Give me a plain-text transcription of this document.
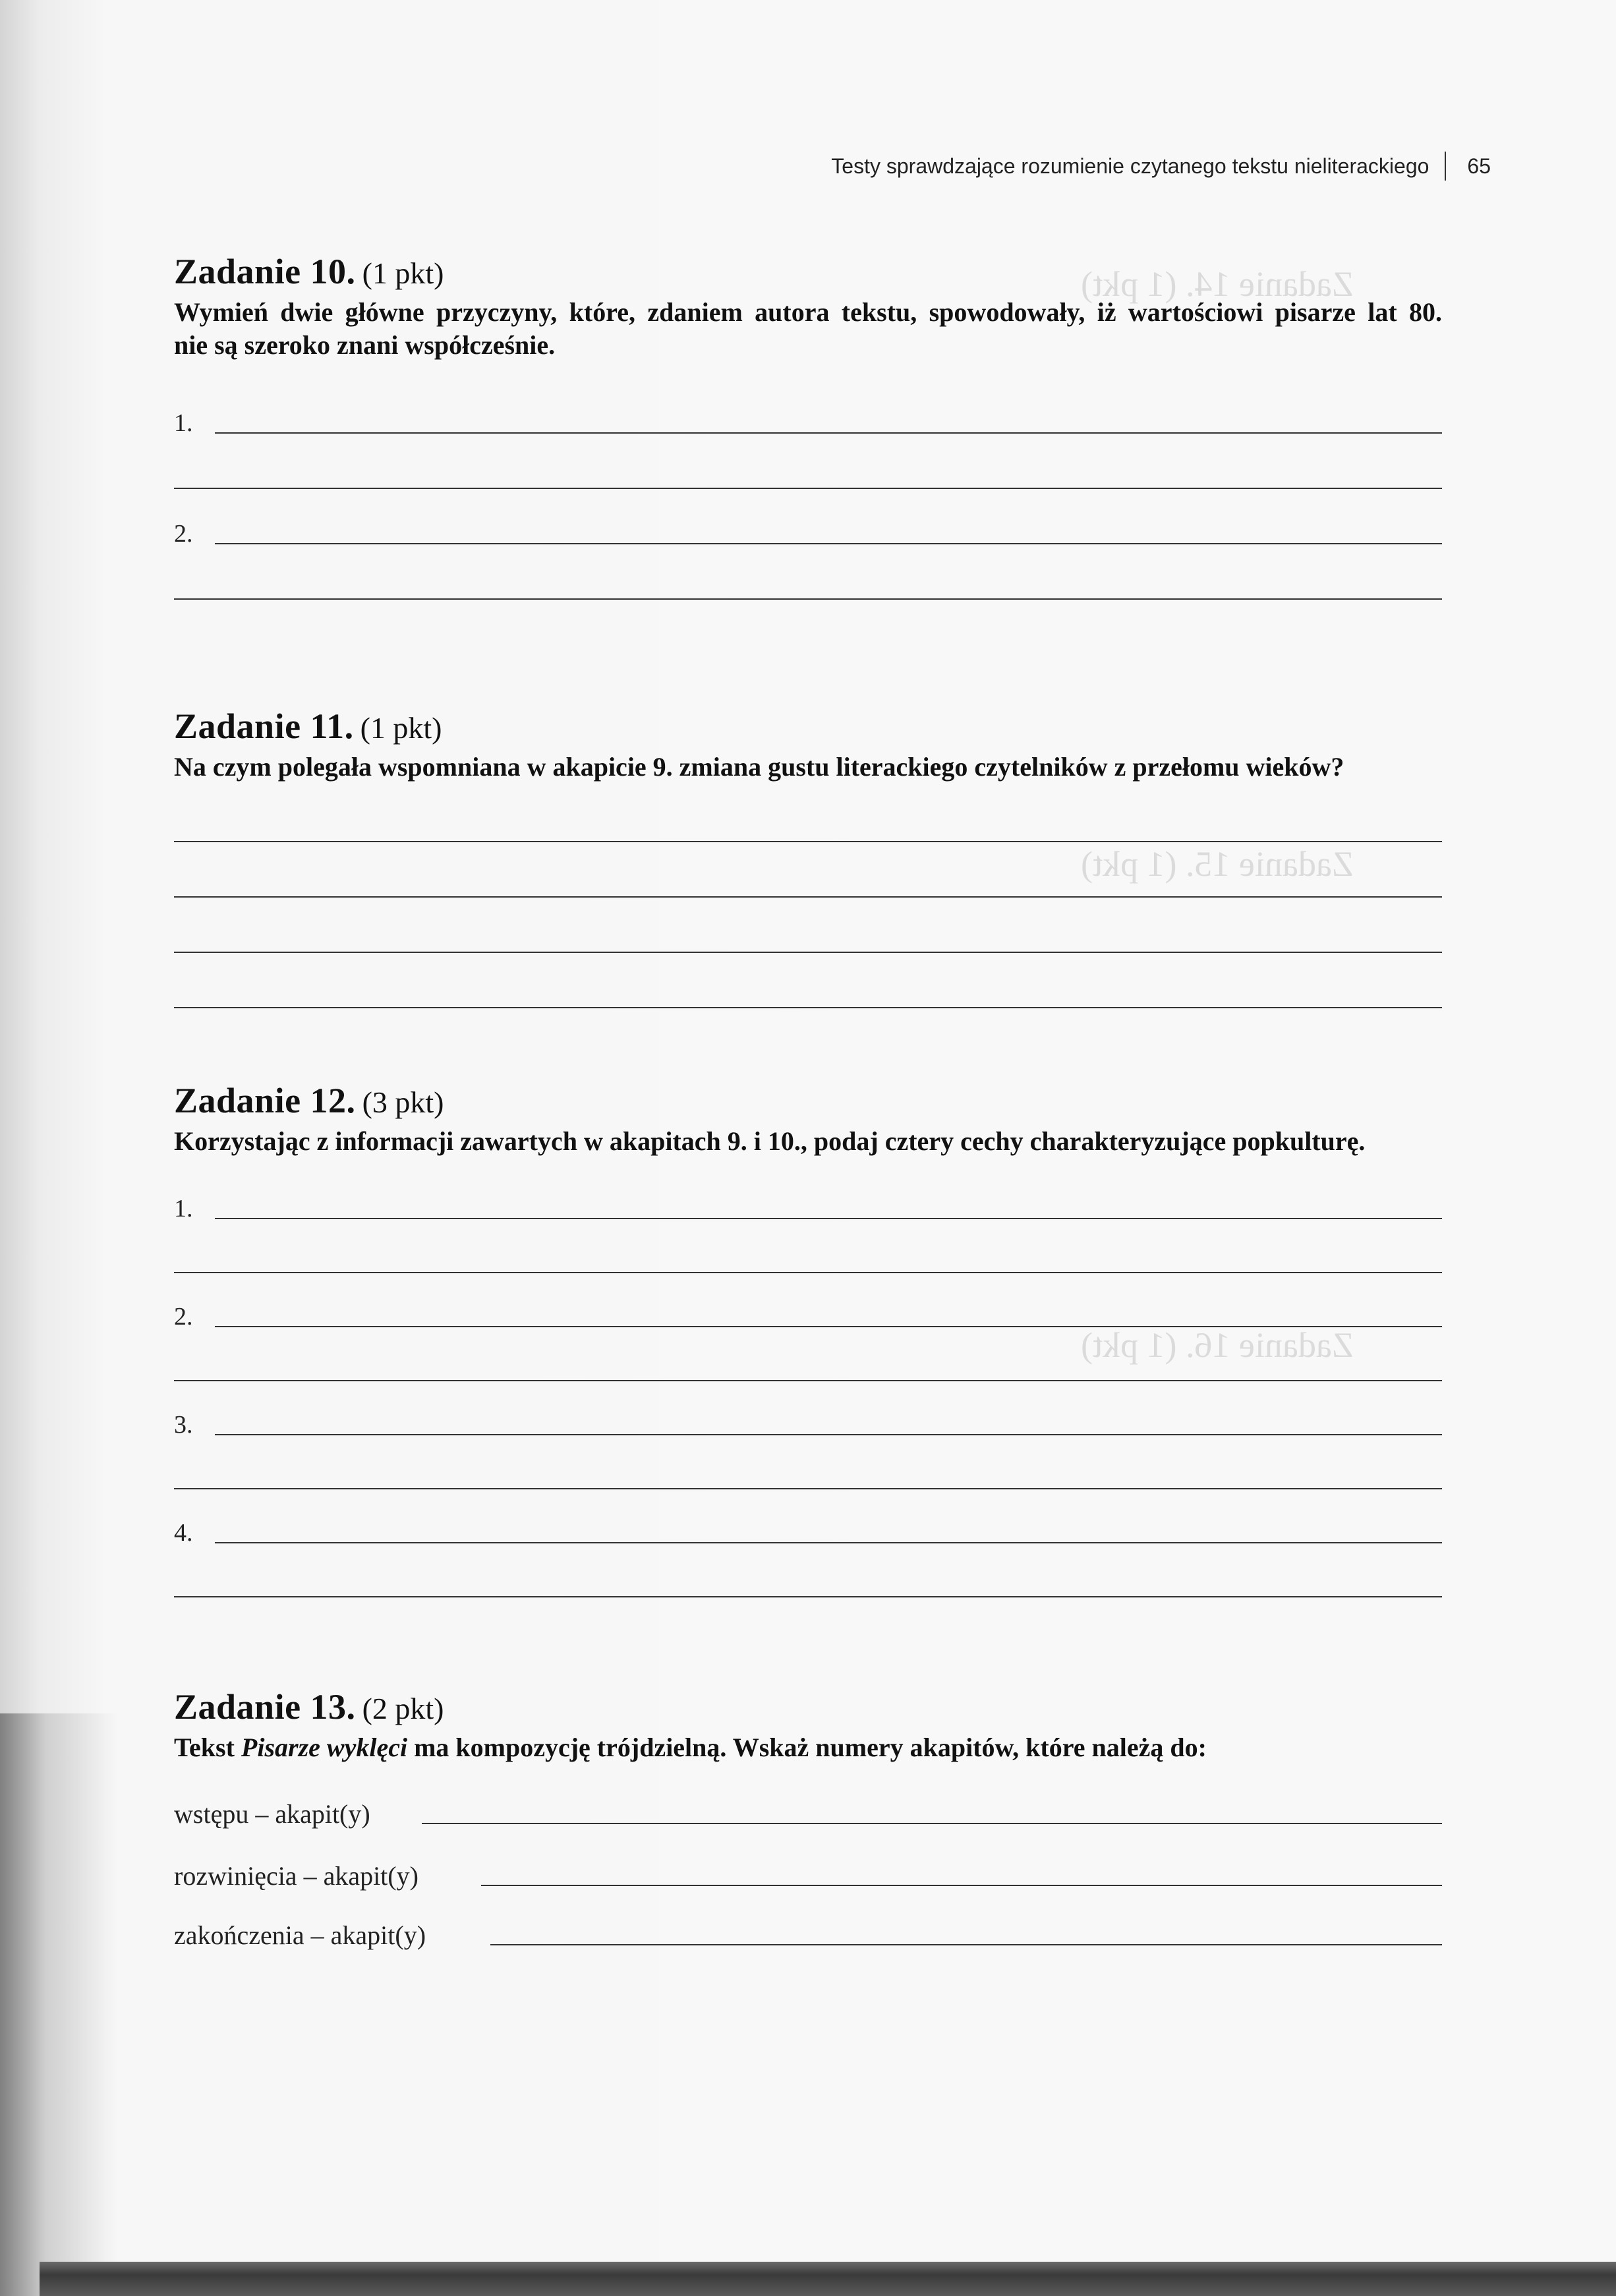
Zadanie 14. (1 pkt)
Zadanie 15. (1 pkt)
Zadanie 16. (1 pkt)
Testy sprawdzające rozumienie czytanego tekstu nieliterackiego 65
Zadanie 10. (1 pkt)
Wymień dwie główne przyczyny, które, zdaniem autora tekstu, spowodowały, iż wartościowi pisarze lat 80.
nie są szeroko znani współcześnie.
1.
2.
Zadanie 11. (1 pkt)
Na czym polegała wspomniana w akapicie 9. zmiana gustu literackiego czytelników z przełomu wieków?
Zadanie 12. (3 pkt)
Korzystając z informacji zawartych w akapitach 9. i 10., podaj cztery cechy charakteryzujące popkulturę.
1.
2.
3.
4.
Zadanie 13. (2 pkt)
Tekst Pisarze wyklęci ma kompozycję trójdzielną. Wskaż numery akapitów, które należą do:
wstępu – akapit(y)
rozwinięcia – akapit(y)
zakończenia – akapit(y)
